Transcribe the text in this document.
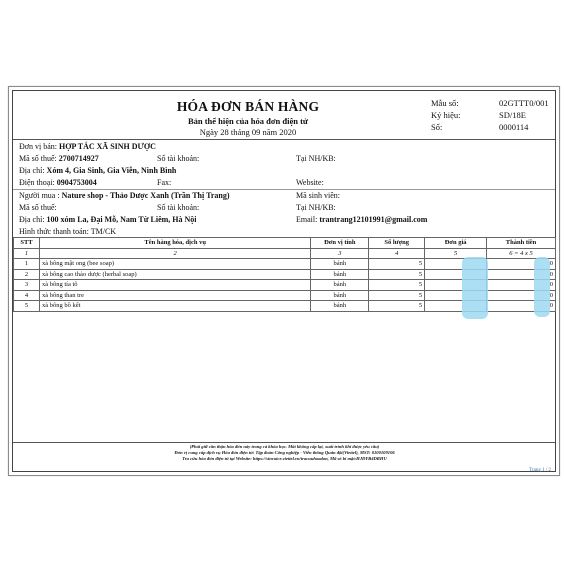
HÓA ĐƠN BÁN HÀNG
Bản thể hiện của hóa đơn điện tử
Ngày 28 tháng 09 năm 2020
Mẫu số:	02GTTT0/001
Ký hiệu:	SD/18E
Số:	0000114
Đơn vị bán: HỢP TÁC XÃ SINH DƯỢC
Mã số thuế: 2700714927	Số tài khoản:	Tại NH/KB:
Địa chỉ: Xóm 4, Gia Sinh, Gia Viễn, Ninh Bình
Điện thoại: 0904753004	Fax:	Website:
Người mua : Nature shop - Thảo Dược Xanh (Trần Thị Trang)	Mã sinh viên:
Mã số thuế:	Số tài khoản:	Tại NH/KB:
Địa chỉ: 100 xóm La, Đại Mỗ, Nam Từ Liêm, Hà Nội	Email: trantrang12101991@gmail.com
Hình thức thanh toán: TM/CK
STT	Tên hàng hóa, dịch vụ	Đơn vị tính	Số lượng	Đơn giá	Thành tiền
1	2	3	4	5	6 = 4 x 5
1	xà bông mật ong (bee soap)	bánh	5		0
2	xà bông cao thảo dược (herbal soap)	bánh	5		0
3	xà bông tía tô	bánh	5		0
4	xà bông than tre	bánh	5		0
5	xà bông bồ kết	bánh	5		0
(Phải giữ cần thận hóa đơn này trong cá khóa học. Mất không cấp lại, xuất trình khi được yêu cầu)
Đơn vị cung cấp dịch vụ Hóa đơn điện tử: Tập đoàn Công nghiệp - Viễn thông Quân đội(Viettel), MST: 0100109106
Tra cứu hóa đơn điện tử tại Website: https://sinvoice.viettel.vn/tracuuhoadon, Mã số bí mật:HJDYB4DRHU
Trang 1 / 2
